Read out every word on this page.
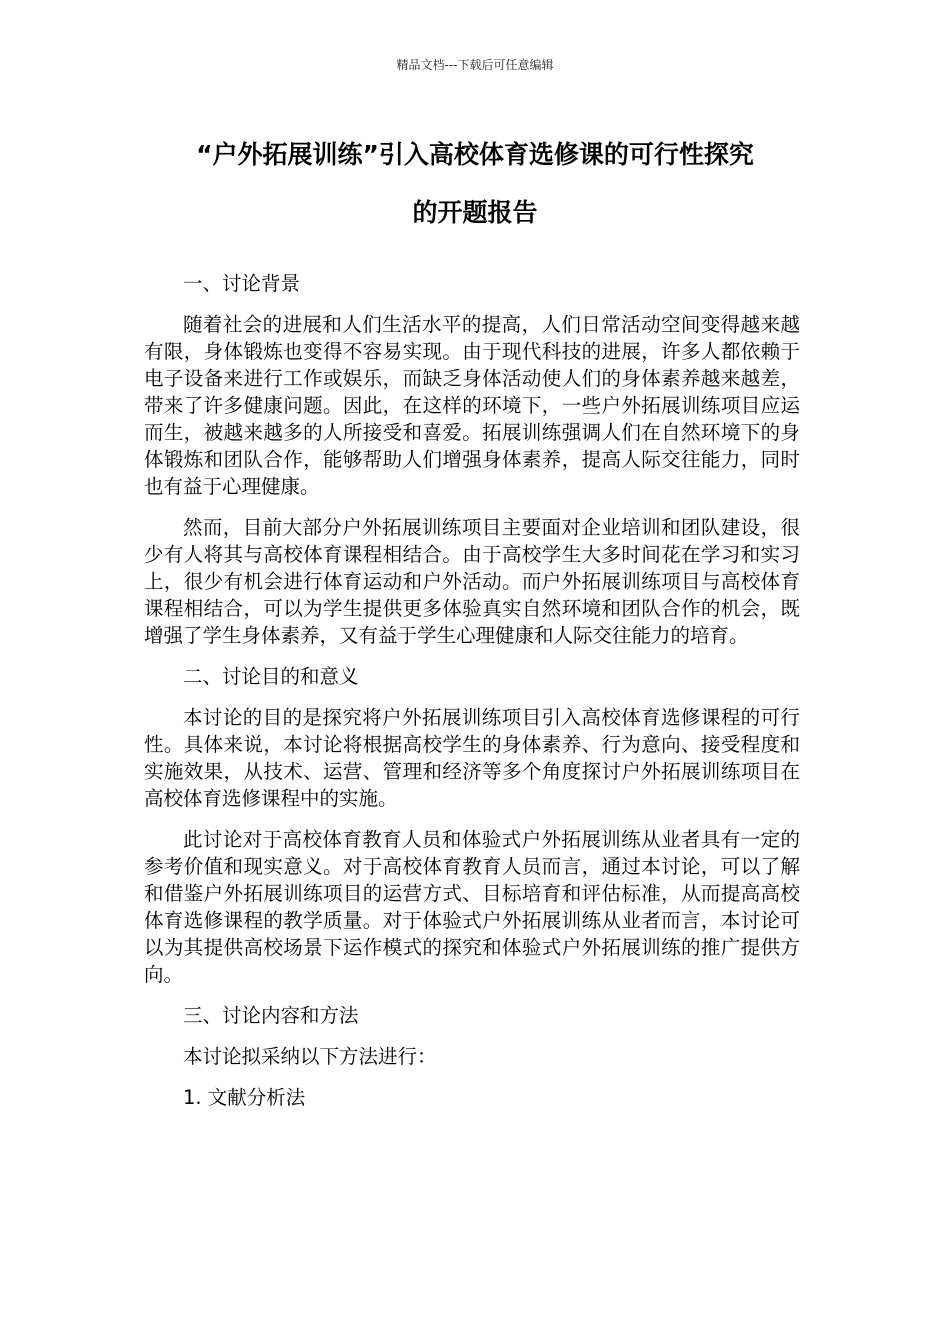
精品文档---下载后可任意编辑
“户外拓展训练”引入高校体育选修课的可行性探究
的开题报告

一、讨论背景

随着社会的进展和人们生活水平的提高，人们日常活动空间变得越来越有限，身体锻炼也变得不容易实现。由于现代科技的进展，许多人都依赖于电子设备来进行工作或娱乐，而缺乏身体活动使人们的身体素养越来越差，带来了许多健康问题。因此，在这样的环境下，一些户外拓展训练项目应运而生，被越来越多的人所接受和喜爱。拓展训练强调人们在自然环境下的身体锻炼和团队合作，能够帮助人们增强身体素养，提高人际交往能力，同时也有益于心理健康。

然而，目前大部分户外拓展训练项目主要面对企业培训和团队建设，很少有人将其与高校体育课程相结合。由于高校学生大多时间花在学习和实习上，很少有机会进行体育运动和户外活动。而户外拓展训练项目与高校体育课程相结合，可以为学生提供更多体验真实自然环境和团队合作的机会，既增强了学生身体素养，又有益于学生心理健康和人际交往能力的培育。

二、讨论目的和意义

本讨论的目的是探究将户外拓展训练项目引入高校体育选修课程的可行性。具体来说，本讨论将根据高校学生的身体素养、行为意向、接受程度和实施效果，从技术、运营、管理和经济等多个角度探讨户外拓展训练项目在高校体育选修课程中的实施。

此讨论对于高校体育教育人员和体验式户外拓展训练从业者具有一定的参考价值和现实意义。对于高校体育教育人员而言，通过本讨论，可以了解和借鉴户外拓展训练项目的运营方式、目标培育和评估标准，从而提高高校体育选修课程的教学质量。对于体验式户外拓展训练从业者而言，本讨论可以为其提供高校场景下运作模式的探究和体验式户外拓展训练的推广提供方向。

三、讨论内容和方法

本讨论拟采纳以下方法进行：

1. 文献分析法
